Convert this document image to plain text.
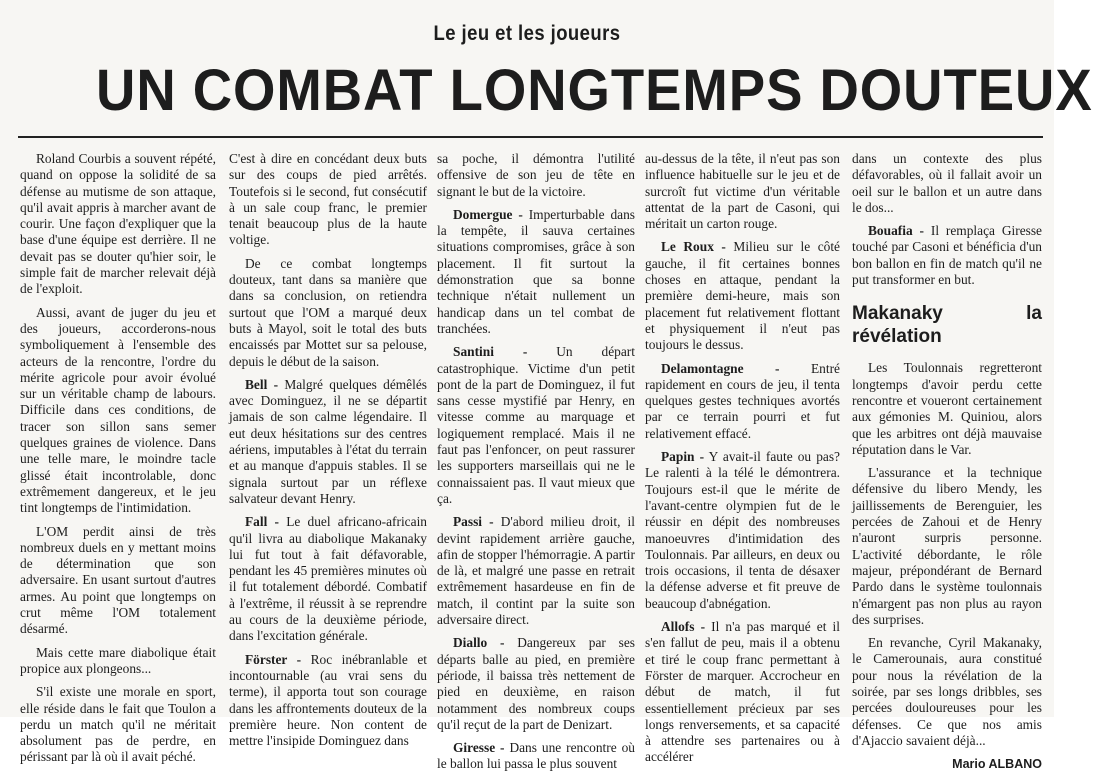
Le jeu et les joueurs
UN COMBAT LONGTEMPS DOUTEUX

Roland Courbis a souvent répété, quand on oppose la solidité de sa défense au mutisme de son attaque, qu'il avait appris à marcher avant de courir. Une façon d'expliquer que la base d'une équipe est derrière. Il ne devait pas se douter qu'hier soir, le simple fait de marcher relevait déjà de l'exploit.

Aussi, avant de juger du jeu et des joueurs, accorderons-nous symboliquement à l'ensemble des acteurs de la rencontre, l'ordre du mérite agricole pour avoir évolué sur un véritable champ de labours. Difficile dans ces conditions, de tracer son sillon sans semer quelques graines de violence. Dans une telle mare, le moindre tacle glissé était incontrolable, donc extrêmement dangereux, et le jeu tint longtemps de l'intimidation.

L'OM perdit ainsi de très nombreux duels en y mettant moins de détermination que son adversaire. En usant surtout d'autres armes. Au point que longtemps on crut même l'OM totalement désarmé.

Mais cette mare diabolique était propice aux plongeons...

S'il existe une morale en sport, elle réside dans le fait que Toulon a perdu un match qu'il ne méritait absolument pas de perdre, en périssant par là où il avait péché.

C'est à dire en concédant deux buts sur des coups de pied arrêtés. Toutefois si le second, fut consécutif à un sale coup franc, le premier tenait beaucoup plus de la haute voltige.

De ce combat longtemps douteux, tant dans sa manière que dans sa conclusion, on retiendra surtout que l'OM a marqué deux buts à Mayol, soit le total des buts encaissés par Mottet sur sa pelouse, depuis le début de la saison.

Bell - Malgré quelques démêlés avec Dominguez, il ne se départit jamais de son calme légendaire. Il eut deux hésitations sur des centres aériens, imputables à l'état du terrain et au manque d'appuis stables. Il se signala surtout par un réflexe salvateur devant Henry.

Fall - Le duel africano-africain qu'il livra au diabolique Makanaky lui fut tout à fait défavorable, pendant les 45 premières minutes où il fut totalement débordé. Combatif à l'extrême, il réussit à se reprendre au cours de la deuxième période, dans l'excitation générale.

Förster - Roc inébranlable et incontournable (au vrai sens du terme), il apporta tout son courage dans les affrontements douteux de la première heure. Non content de mettre l'insipide Dominguez dans

sa poche, il démontra l'utilité offensive de son jeu de tête en signant le but de la victoire.

Domergue - Imperturbable dans la tempête, il sauva certaines situations compromises, grâce à son placement. Il fit surtout la démonstration que sa bonne technique n'était nullement un handicap dans un tel combat de tranchées.

Santini - Un départ catastrophique. Victime d'un petit pont de la part de Dominguez, il fut sans cesse mystifié par Henry, en vitesse comme au marquage et logiquement remplacé. Mais il ne faut pas l'enfoncer, on peut rassurer les supporters marseillais qui ne le connaissaient pas. Il vaut mieux que ça.

Passi - D'abord milieu droit, il devint rapidement arrière gauche, afin de stopper l'hémorragie. A partir de là, et malgré une passe en retrait extrêmement hasardeuse en fin de match, il contint par la suite son adversaire direct.

Diallo - Dangereux par ses départs balle au pied, en première période, il baissa très nettement de pied en deuxième, en raison notamment des nombreux coups qu'il reçut de la part de Denizart.

Giresse - Dans une rencontre où le ballon lui passa le plus souvent

au-dessus de la tête, il n'eut pas son influence habituelle sur le jeu et de surcroît fut victime d'un véritable attentat de la part de Casoni, qui méritait un carton rouge.

Le Roux - Milieu sur le côté gauche, il fit certaines bonnes choses en attaque, pendant la première demi-heure, mais son placement fut relativement flottant et physiquement il n'eut pas toujours le dessus.

Delamontagne - Entré rapidement en cours de jeu, il tenta quelques gestes techniques avortés par ce terrain pourri et fut relativement effacé.

Papin - Y avait-il faute ou pas? Le ralenti à la télé le démontrera. Toujours est-il que le mérite de l'avant-centre olympien fut de le réussir en dépit des nombreuses manoeuvres d'intimidation des Toulonnais. Par ailleurs, en deux ou trois occasions, il tenta de désaxer la défense adverse et fit preuve de beaucoup d'abnégation.

Allofs - Il n'a pas marqué et il s'en fallut de peu, mais il a obtenu et tiré le coup franc permettant à Förster de marquer. Accrocheur en début de match, il fut essentiellement précieux par ses longs renversements, et sa capacité à attendre ses partenaires ou à accélérer

dans un contexte des plus défavorables, où il fallait avoir un oeil sur le ballon et un autre dans le dos...

Bouafia - Il remplaça Giresse touché par Casoni et bénéficia d'un bon ballon en fin de match qu'il ne put transformer en but.

Makanaky la révélation

Les Toulonnais regretteront longtemps d'avoir perdu cette rencontre et voueront certainement aux gémonies M. Quiniou, alors que les arbitres ont déjà mauvaise réputation dans le Var.

L'assurance et la technique défensive du libero Mendy, les jaillissements de Berenguier, les percées de Zahoui et de Henry n'auront surpris personne. L'activité débordante, le rôle majeur, prépondérant de Bernard Pardo dans le système toulonnais n'émargent pas non plus au rayon des surprises.

En revanche, Cyril Makanaky, le Camerounais, aura constitué pour nous la révélation de la soirée, par ses longs dribbles, ses percées douloureuses pour les défenses. Ce que nos amis d'Ajaccio savaient déjà...

Mario ALBANO
